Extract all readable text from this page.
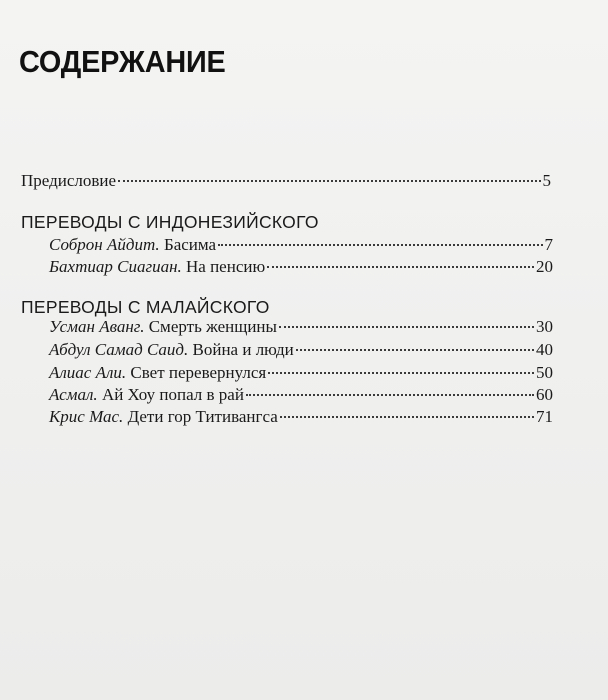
СОДЕРЖАНИЕ
Предисловие	5
ПЕРЕВОДЫ С ИНДОНЕЗИЙСКОГО
Соброн Айдит. Басима	7
Бахтиар Сиагиан. На пенсию	20
ПЕРЕВОДЫ С МАЛАЙСКОГО
Усман Аванг. Смерть женщины	30
Абдул Самад Саид. Война и люди	40
Алиас Али. Свет перевернулся	50
Асмал. Ай Хоу попал в рай	60
Крис Мас. Дети гор Титивангса	71
